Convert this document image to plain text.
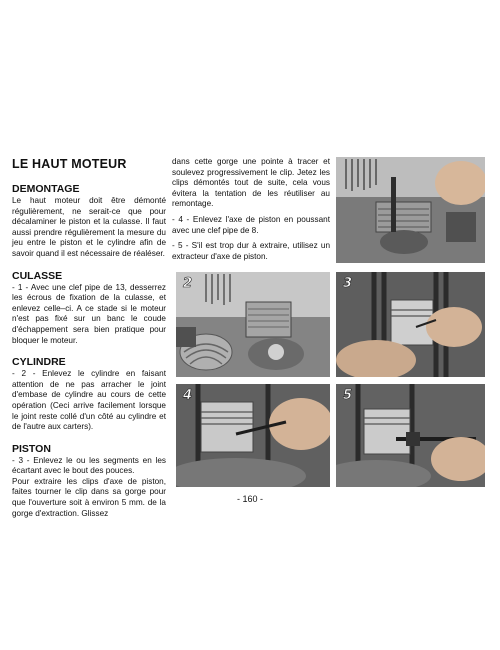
LE HAUT MOTEUR
DEMONTAGE

Le haut moteur doit être démonté régulièrement, ne serait-ce que pour décalaminer le piston et la culasse. Il faut aussi prendre régulièrement la mesure du jeu entre le piston et le cylindre afin de savoir quand il est nécessaire de réaléser.

CULASSE

- 1 - Avec une clef pipe de 13, desserrez les écrous de fixation de la culasse, et enlevez celle–ci. A ce stade si le moteur n'est pas fixé sur un banc le coude d'échappement sera bien pratique pour bloquer le moteur.

CYLINDRE

- 2 - Enlevez le cylindre en faisant attention de ne pas arracher le joint d'embase de cylindre au cours de cette opération (Ceci arrive facilement lorsque le joint reste collé d'un côté au cylindre et de l'autre aux carters).

PISTON

- 3 - Enlevez le ou les segments en les écartant avec le bout des pouces.

Pour extraire les clips d'axe de piston, faites tourner le clip dans sa gorge pour que l'ouverture soit à environ 5 mm. de la gorge d'extraction. Glissez

dans cette gorge une pointe à tracer et soulevez progressivement le clip. Jetez les clips démontés tout de suite, cela vous évitera la tentation de les réutiliser au remontage.

- 4 - Enlevez l'axe de piston en poussant avec une clef pipe de 8.

- 5 - S'il est trop dur à extraire, utilisez un extracteur d'axe de piston.

2	3
4	5
- 160 -
